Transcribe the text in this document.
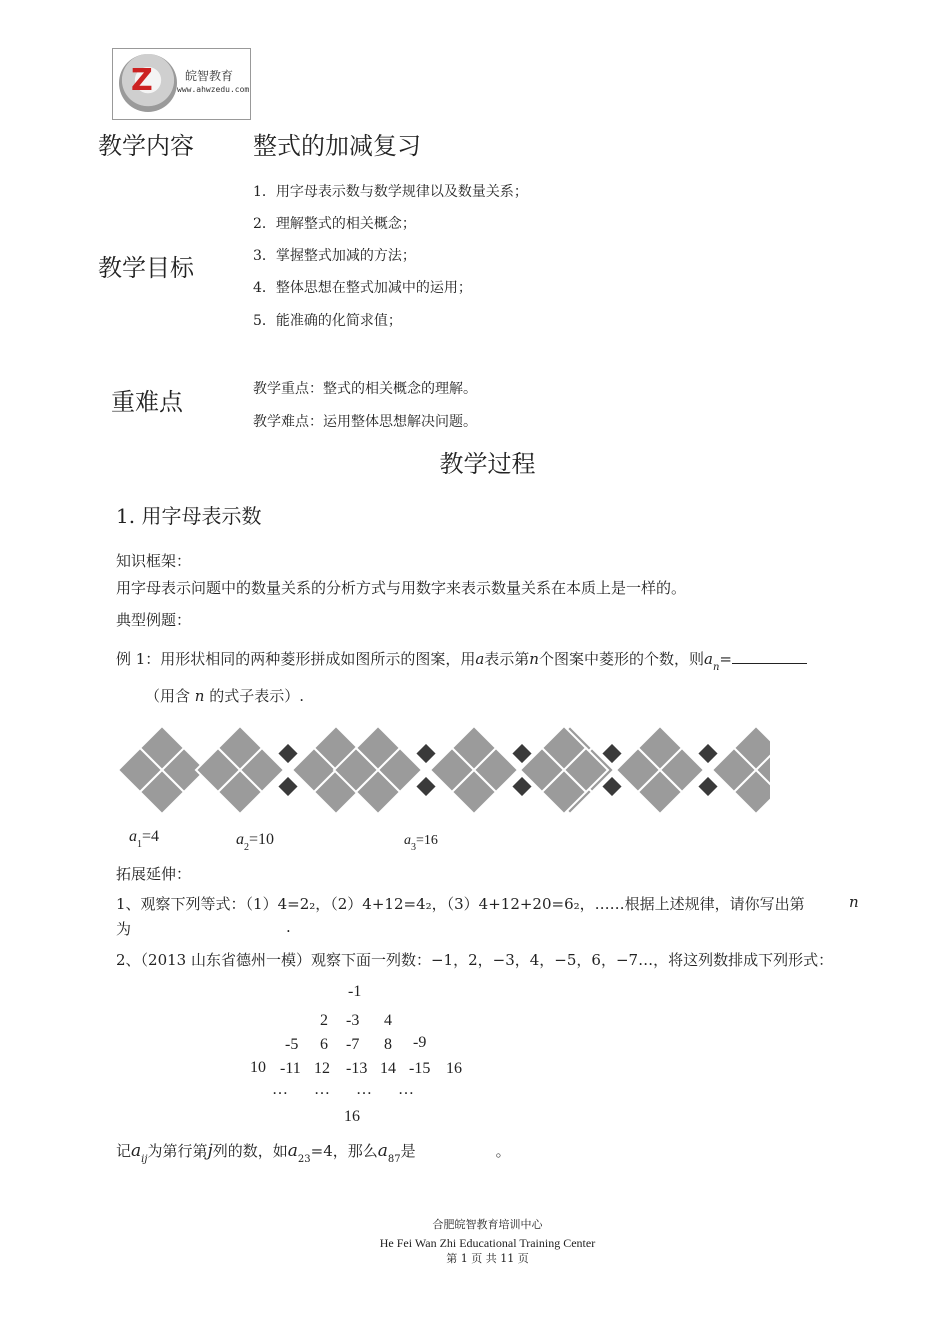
Z	皖智教育
www.ahwzedu.com
教学内容 整式的加减复习
教学目标
1．用字母表示数与数学规律以及数量关系；
2．理解整式的相关概念；
3．掌握整式加减的方法；
4．整体思想在整式加减中的运用；
5．能准确的化简求值；
重难点	教学重点：整式的相关概念的理解。
教学难点：运用整体思想解决问题。
教学过程
1. 用字母表示数
知识框架：
用字母表示问题中的数量关系的分析方式与用数字来表示数量关系在本质上是一样的。
典型例题：
例 1：用形状相同的两种菱形拼成如图所示的图案，用a表示第n个图案中菱形的个数，则$a_n=$
（用含 n 的式子表示）.
$a_1=4$	$a_2=10$	$a_3=16$
拓展延伸：
1、观察下列等式：（1）4=2₂，（2）4+12=4₂，（3）4+12+20=6₂，……根据上述规律，请你写出第	n
为	.
2、（2013 山东省德州一模）观察下面一列数：−1，2，−3，4，−5，6，−7…，将这列数排成下列形式：
-1
2 -3 4
-5 6 -7 8 -9
10 -11 12 -13 14 -15 16
… … … …
16
记$a_{ij}$为第行第j列的数，如$a_{23}=4$，那么$a_{87}$是	。
合肥皖智教育培训中心
He Fei Wan Zhi Educational Training Center
第 1 页 共 11 页
